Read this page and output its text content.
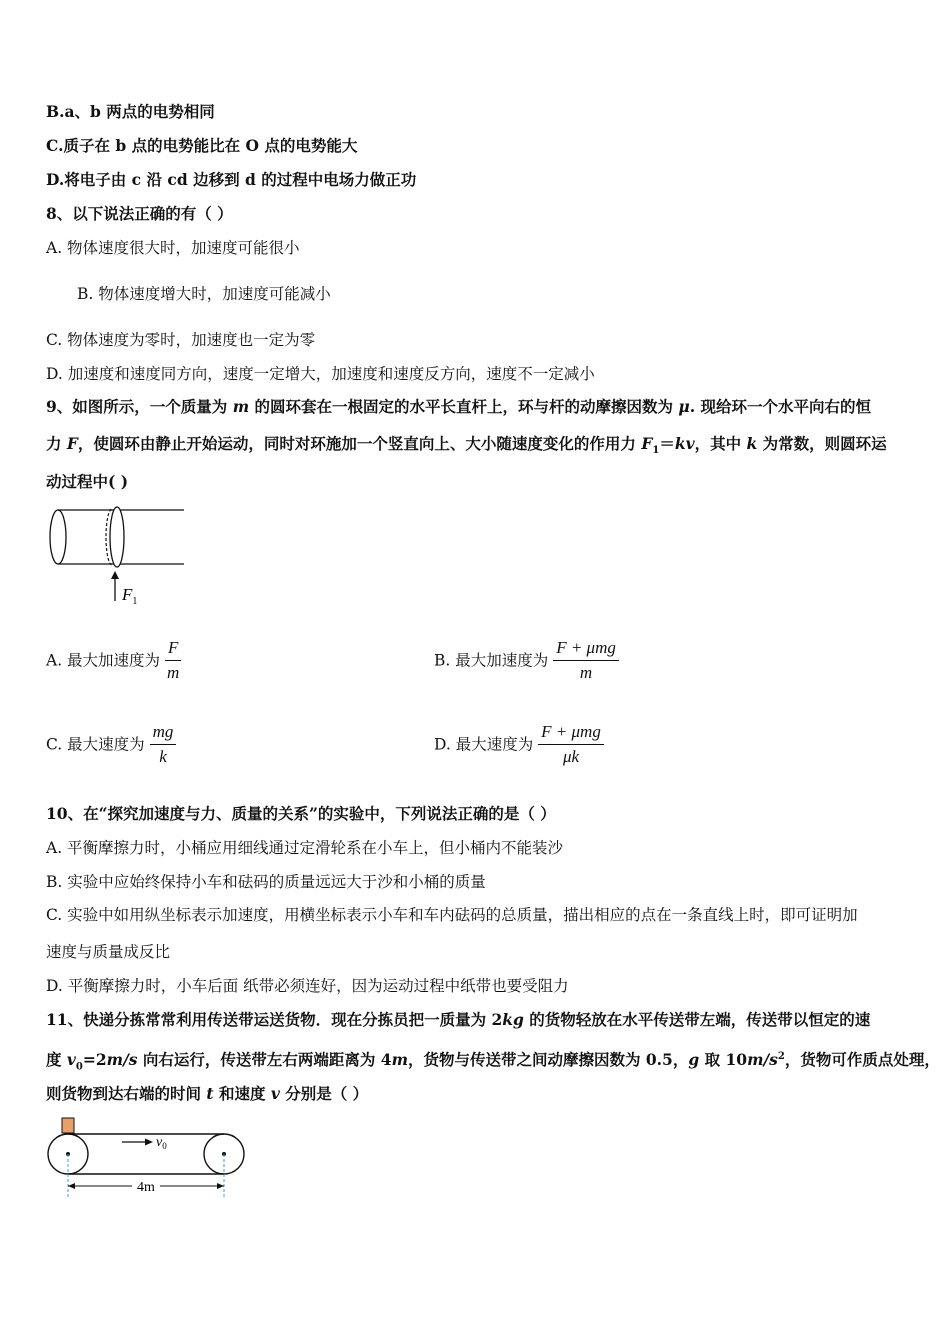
B.a、b 两点的电势相同
C.质子在 b 点的电势能比在 O 点的电势能大
D.将电子由 c 沿 cd 边移到 d 的过程中电场力做正功
8、以下说法正确的有（ ）
A. 物体速度很大时，加速度可能很小
B. 物体速度增大时，加速度可能减小
C. 物体速度为零时，加速度也一定为零
D. 加速度和速度同方向，速度一定增大，加速度和速度反方向，速度不一定减小
9、如图所示，一个质量为 m 的圆环套在一根固定的水平长直杆上，环与杆的动摩擦因数为 μ. 现给环一个水平向右的恒
力 F，使圆环由静止开始运动，同时对环施加一个竖直向上、大小随速度变化的作用力 $F_1=kv$，其中 k 为常数，则圆环运
动过程中( )
$F_1$
A. 最大加速度为 $\frac{F}{m}$	B. 最大加速度为 $\frac{\text{F + μmg}}{m}$
C. 最大速度为 $\frac{mg}{k}$	D. 最大速度为 $\frac{\text{F + μmg}}{\mu k}$
10、在“探究加速度与力、质量的关系”的实验中，下列说法正确的是（ ）
A. 平衡摩擦力时，小桶应用细线通过定滑轮系在小车上，但小桶内不能装沙
B. 实验中应始终保持小车和砝码的质量远远大于沙和小桶的质量
C. 实验中如用纵坐标表示加速度，用横坐标表示小车和车内砝码的总质量，描出相应的点在一条直线上时，即可证明加
速度与质量成反比
D. 平衡摩擦力时，小车后面 纸带必须连好，因为运动过程中纸带也要受阻力
11、快递分拣常常利用传送带运送货物．现在分拣员把一质量为 2kg 的货物轻放在水平传送带左端，传送带以恒定的速
度 $v_0=2m/s$ 向右运行，传送带左右两端距离为 4m，货物与传送带之间动摩擦因数为 0.5，g 取 $10m/s^2$，货物可作质点处理，
则货物到达右端的时间 t 和速度 v 分别是（ ）
$v_0$
4m
